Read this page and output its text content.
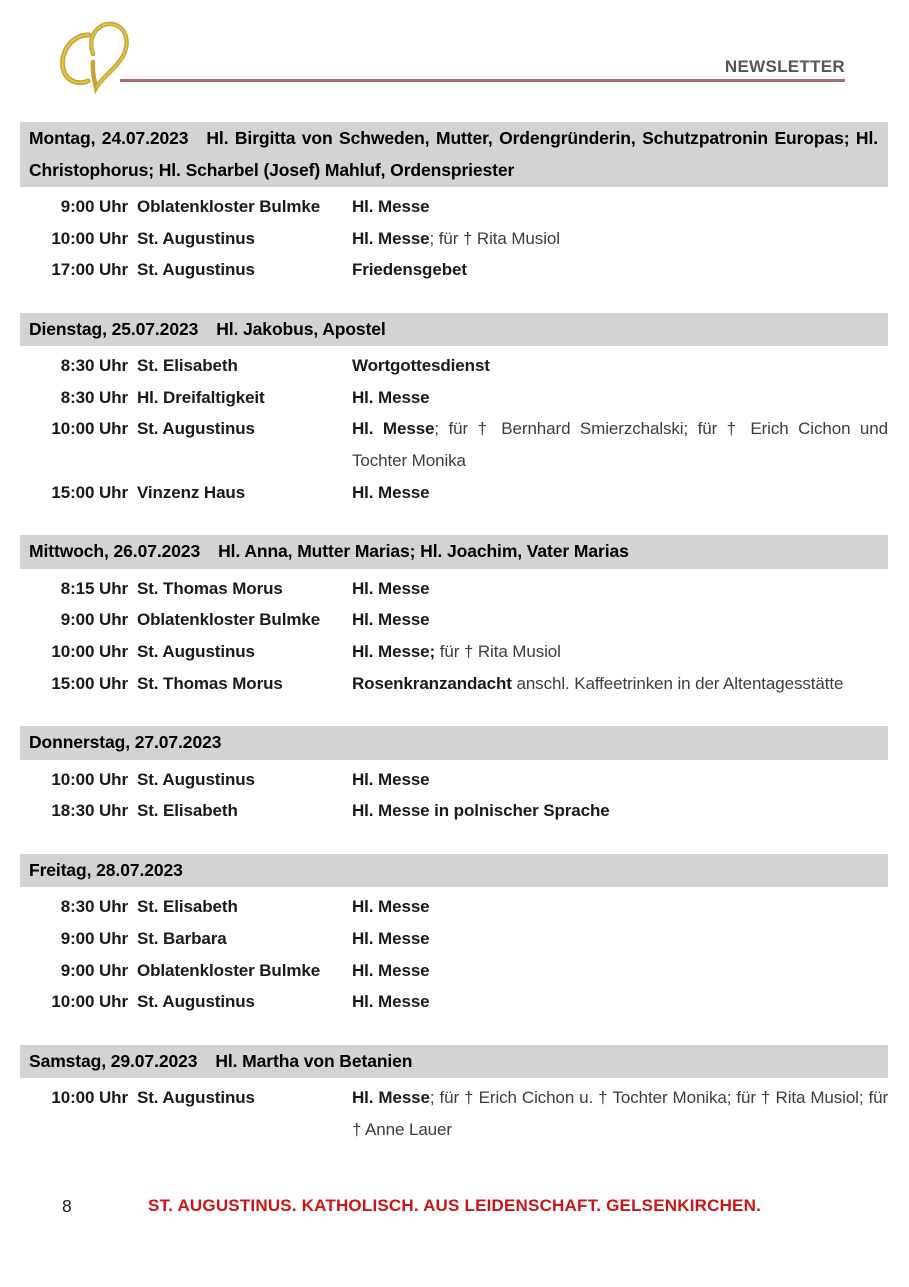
NEWSLETTER
Montag, 24.07.2023 Hl. Birgitta von Schweden, Mutter, Ordengründerin, Schutzpatronin Europas; Hl. Christophorus; Hl. Scharbel (Josef) Mahluf, Ordenspriester
9:00 Uhr Oblatenkloster Bulmke	Hl. Messe
10:00 Uhr St. Augustinus	Hl. Messe; für † Rita Musiol
17:00 Uhr St. Augustinus	Friedensgebet
Dienstag, 25.07.2023 Hl. Jakobus, Apostel
8:30 Uhr St. Elisabeth	Wortgottesdienst
8:30 Uhr Hl. Dreifaltigkeit	Hl. Messe
10:00 Uhr St. Augustinus	Hl. Messe; für † Bernhard Smierzchalski; für † Erich Cichon und Tochter Monika
15:00 Uhr Vinzenz Haus	Hl. Messe
Mittwoch, 26.07.2023 Hl. Anna, Mutter Marias; Hl. Joachim, Vater Marias
8:15 Uhr St. Thomas Morus	Hl. Messe
9:00 Uhr Oblatenkloster Bulmke	Hl. Messe
10:00 Uhr St. Augustinus	Hl. Messe; für † Rita Musiol
15:00 Uhr St. Thomas Morus	Rosenkranzandacht anschl. Kaffeetrinken in der Altentagesstätte
Donnerstag, 27.07.2023
10:00 Uhr St. Augustinus	Hl. Messe
18:30 Uhr St. Elisabeth	Hl. Messe in polnischer Sprache
Freitag, 28.07.2023
8:30 Uhr St. Elisabeth	Hl. Messe
9:00 Uhr St. Barbara	Hl. Messe
9:00 Uhr Oblatenkloster Bulmke	Hl. Messe
10:00 Uhr St. Augustinus	Hl. Messe
Samstag, 29.07.2023 Hl. Martha von Betanien
10:00 Uhr St. Augustinus	Hl. Messe; für † Erich Cichon u. † Tochter Monika; für † Rita Musiol; für † Anne Lauer
8	ST. AUGUSTINUS. KATHOLISCH. AUS LEIDENSCHAFT. GELSENKIRCHEN.
